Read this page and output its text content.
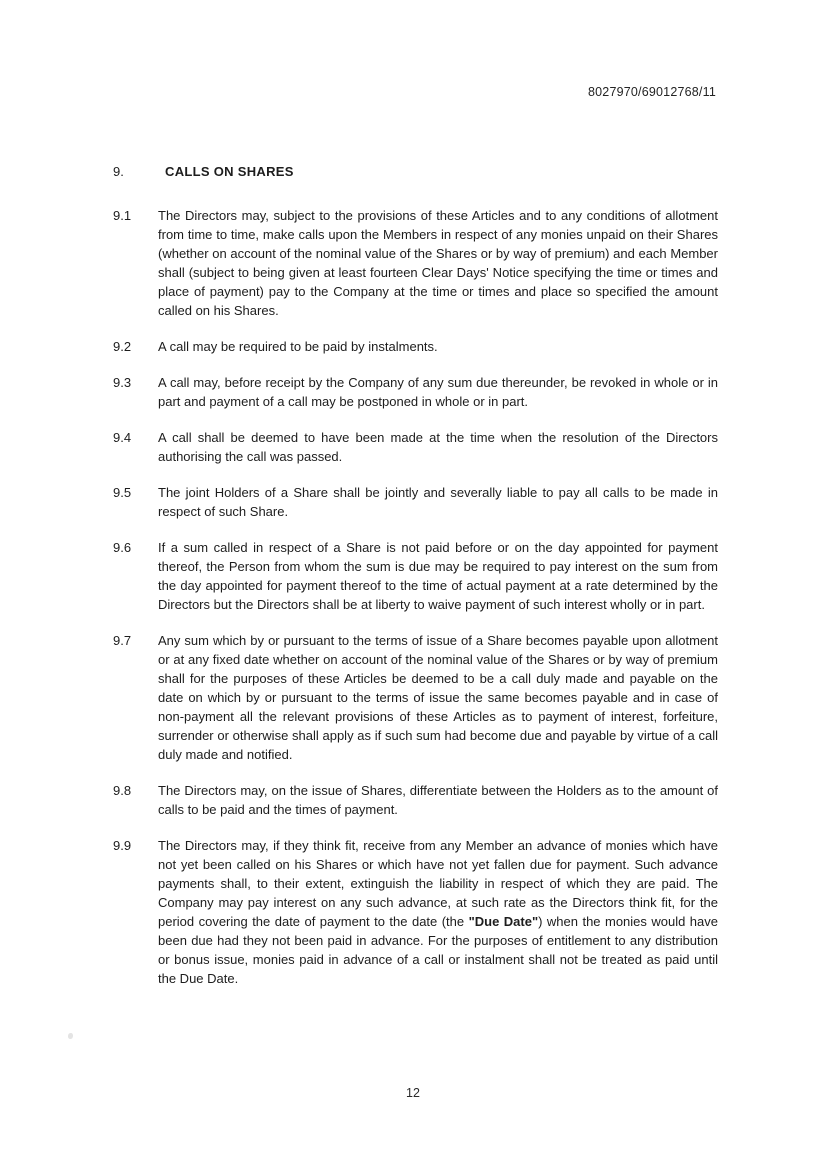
8027970/69012768/11
9.	CALLS ON SHARES
9.1	The Directors may, subject to the provisions of these Articles and to any conditions of allotment from time to time, make calls upon the Members in respect of any monies unpaid on their Shares (whether on account of the nominal value of the Shares or by way of premium) and each Member shall (subject to being given at least fourteen Clear Days' Notice specifying the time or times and place of payment) pay to the Company at the time or times and place so specified the amount called on his Shares.

9.2	A call may be required to be paid by instalments.

9.3	A call may, before receipt by the Company of any sum due thereunder, be revoked in whole or in part and payment of a call may be postponed in whole or in part.

9.4	A call shall be deemed to have been made at the time when the resolution of the Directors authorising the call was passed.

9.5	The joint Holders of a Share shall be jointly and severally liable to pay all calls to be made in respect of such Share.

9.6	If a sum called in respect of a Share is not paid before or on the day appointed for payment thereof, the Person from whom the sum is due may be required to pay interest on the sum from the day appointed for payment thereof to the time of actual payment at a rate determined by the Directors but the Directors shall be at liberty to waive payment of such interest wholly or in part.

9.7	Any sum which by or pursuant to the terms of issue of a Share becomes payable upon allotment or at any fixed date whether on account of the nominal value of the Shares or by way of premium shall for the purposes of these Articles be deemed to be a call duly made and payable on the date on which by or pursuant to the terms of issue the same becomes payable and in case of non-payment all the relevant provisions of these Articles as to payment of interest, forfeiture, surrender or otherwise shall apply as if such sum had become due and payable by virtue of a call duly made and notified.

9.8	The Directors may, on the issue of Shares, differentiate between the Holders as to the amount of calls to be paid and the times of payment.

9.9	The Directors may, if they think fit, receive from any Member an advance of monies which have not yet been called on his Shares or which have not yet fallen due for payment. Such advance payments shall, to their extent, extinguish the liability in respect of which they are paid. The Company may pay interest on any such advance, at such rate as the Directors think fit, for the period covering the date of payment to the date (the "Due Date") when the monies would have been due had they not been paid in advance. For the purposes of entitlement to any distribution or bonus issue, monies paid in advance of a call or instalment shall not be treated as paid until the Due Date.

12
